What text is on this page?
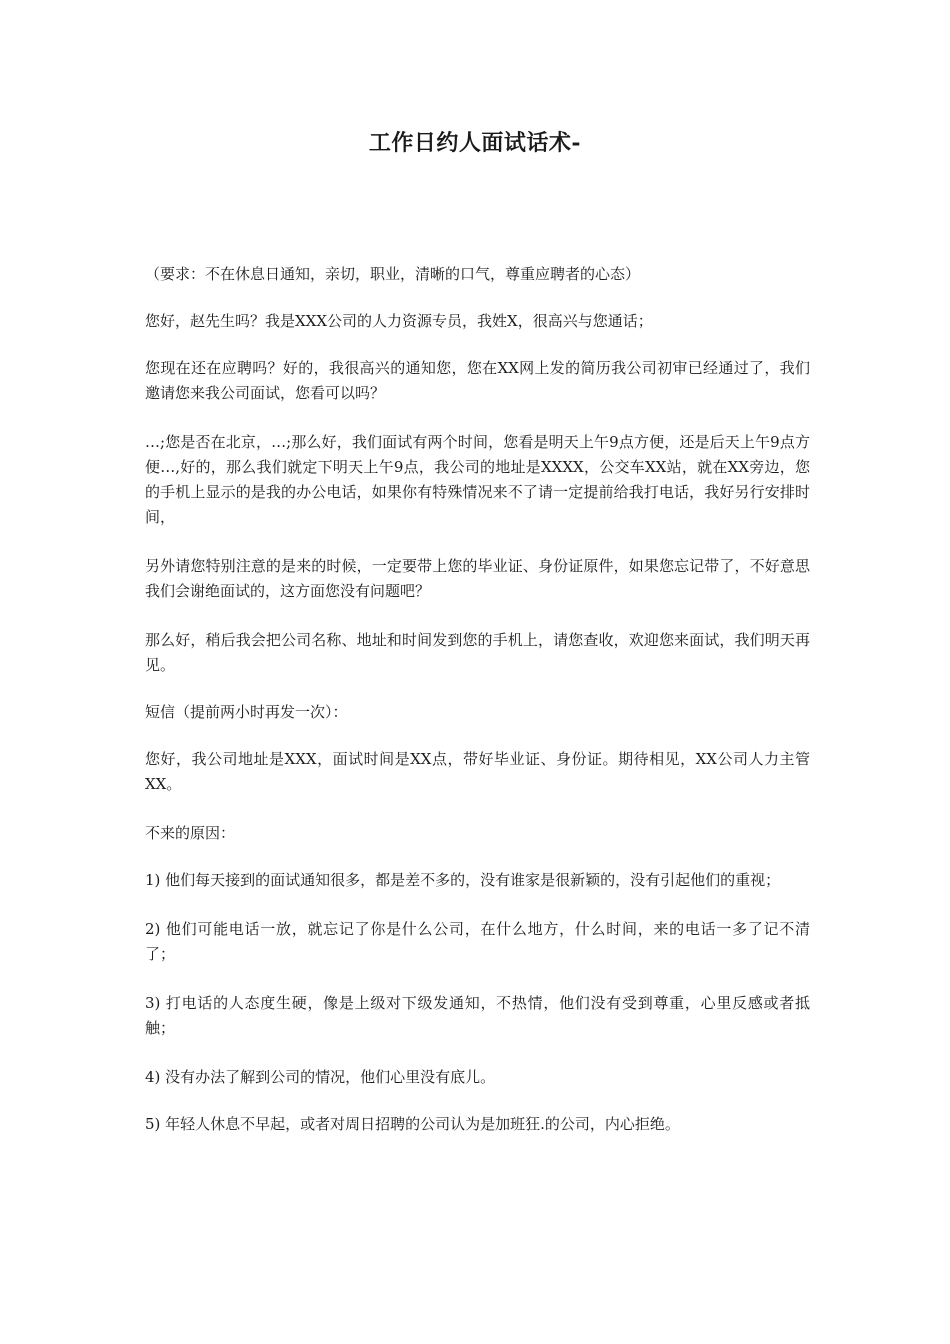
工作日约人面试话术-

（要求：不在休息日通知，亲切，职业，清晰的口气，尊重应聘者的心态）

您好，赵先生吗？我是XXX公司的人力资源专员，我姓X，很高兴与您通话；

您现在还在应聘吗？好的，我很高兴的通知您，您在XX网上发的简历我公司初审已经通过了，我们邀请您来我公司面试，您看可以吗？

…;您是否在北京，…;那么好，我们面试有两个时间，您看是明天上午9点方便，还是后天上午9点方便…,好的，那么我们就定下明天上午9点，我公司的地址是XXXX，公交车XX站，就在XX旁边，您的手机上显示的是我的办公电话，如果你有特殊情况来不了请一定提前给我打电话，我好另行安排时间，

另外请您特别注意的是来的时候，一定要带上您的毕业证、身份证原件，如果您忘记带了，不好意思我们会谢绝面试的，这方面您没有问题吧？

那么好，稍后我会把公司名称、地址和时间发到您的手机上，请您查收，欢迎您来面试，我们明天再见。

短信（提前两小时再发一次）：

您好，我公司地址是XXX，面试时间是XX点，带好毕业证、身份证。期待相见，XX公司人力主管XX。

不来的原因：

1) 他们每天接到的面试通知很多，都是差不多的，没有谁家是很新颖的，没有引起他们的重视；

2) 他们可能电话一放，就忘记了你是什么公司，在什么地方，什么时间，来的电话一多了记不清了；

3) 打电话的人态度生硬，像是上级对下级发通知，不热情，他们没有受到尊重，心里反感或者抵触；

4) 没有办法了解到公司的情况，他们心里没有底儿。

5) 年轻人休息不早起，或者对周日招聘的公司认为是加班狂.的公司，内心拒绝。
